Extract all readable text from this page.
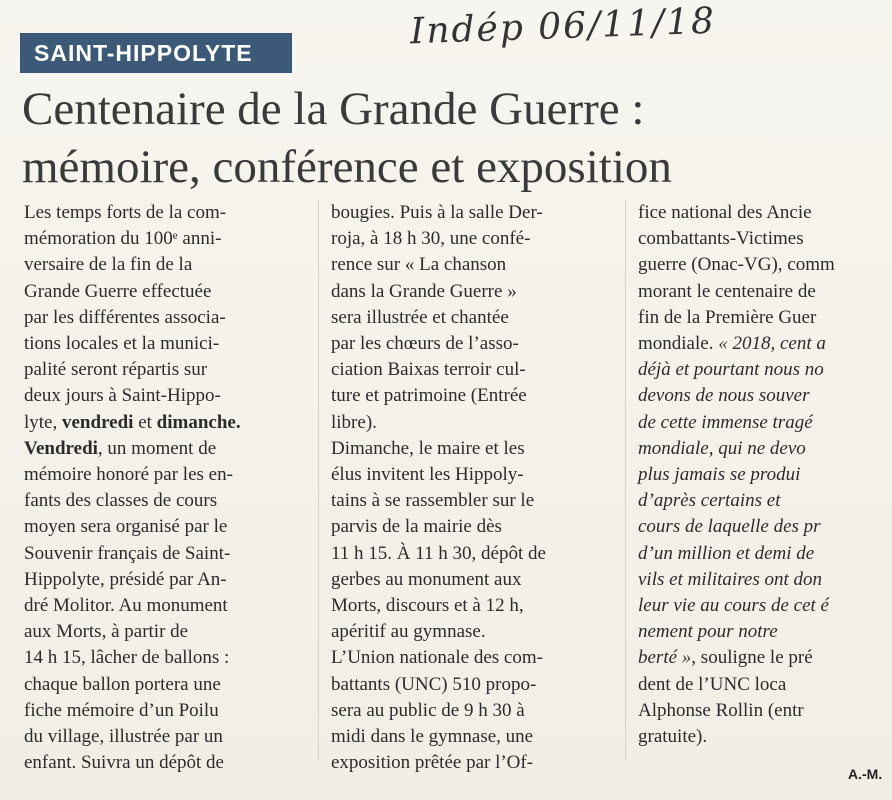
SAINT-HIPPOLYTE
Indép 06/11/18
Centenaire de la Grande Guerre :
mémoire, conférence et exposition
Les temps forts de la com-
mémoration du 100ᵉ anni-
versaire de la fin de la
Grande Guerre effectuée
par les différentes associa-
tions locales et la munici-
palité seront répartis sur
deux jours à Saint-Hippo-
lyte, vendredi et dimanche.
Vendredi, un moment de
mémoire honoré par les en-
fants des classes de cours
moyen sera organisé par le
Souvenir français de Saint-
Hippolyte, présidé par An-
dré Molitor. Au monument
aux Morts, à partir de
14 h 15, lâcher de ballons :
chaque ballon portera une
fiche mémoire d’un Poilu
du village, illustrée par un
enfant. Suivra un dépôt de
bougies. Puis à la salle Der-
roja, à 18 h 30, une confé-
rence sur « La chanson
dans la Grande Guerre »
sera illustrée et chantée
par les chœurs de l’asso-
ciation Baixas terroir cul-
ture et patrimoine (Entrée
libre).
Dimanche, le maire et les
élus invitent les Hippoly-
tains à se rassembler sur le
parvis de la mairie dès
11 h 15. À 11 h 30, dépôt de
gerbes au monument aux
Morts, discours et à 12 h,
apéritif au gymnase.
L’Union nationale des com-
battants (UNC) 510 propo-
sera au public de 9 h 30 à
midi dans le gymnase, une
exposition prêtée par l’Of-
fice national des Ancie
combattants-Victimes
guerre (Onac-VG), comm
morant le centenaire de
fin de la Première Guer
mondiale. « 2018, cent a
déjà et pourtant nous no
devons de nous souver
de cette immense tragé
mondiale, qui ne devo
plus jamais se produi
d’après certains et
cours de laquelle des pr
d’un million et demi de
vils et militaires ont don
leur vie au cours de cet é
nement pour notre
berté », souligne le pré
dent de l’UNC loca
Alphonse Rollin (entr
gratuite).
A.-M.
